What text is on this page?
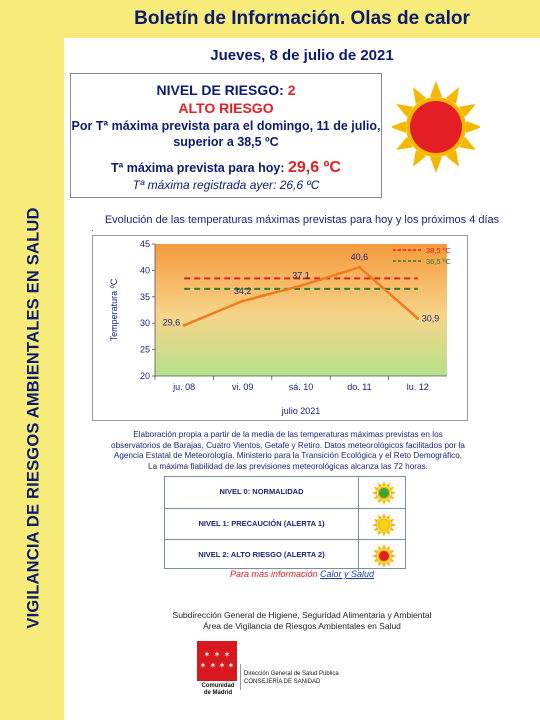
VIGILANCIA DE RIESGOS AMBIENTALES EN SALUD
Boletín de Información. Olas de calor
Jueves, 8 de julio de 2021
NIVEL DE RIESGO: 2
ALTO RIESGO
Por Tª máxima prevista para el domingo, 11 de julio,
superior a 38,5 ºC
Tª máxima prevista para hoy: 29,6 ºC
Tª máxima registrada ayer: 26,6 ºC
·
Evolución de las temperaturas máximas previstas para hoy y los próximos 4 días
20
25
30
35
40
45
ju. 08	vi. 09	sá. 10	do. 11	lu. 12
29,6
34,2
37,1
40,6
30,9
Temperatura ºC
julio 2021
38,5 ºC
36,5 ºC
Elaboración propia a partir de la media de las temperaturas máximas previstas en los observatorios de Barajas, Cuatro Vientos, Getafe y Retiro. Datos meteorológicos facilitados por la Agencia Estatal de Meteorología. Ministerio para la Transición Ecológica y el Reto Demográfico. La máxima fiabilidad de las previsiones meteorológicas alcanza las 72 horas.
NIVEL 0: NORMALIDAD
NIVEL 1: PRECAUCIÓN (ALERTA 1)
NIVEL 2: ALTO RIESGO (ALERTA 2)
Para más información Calor y Salud
Subdirección General de Higiene, Seguridad Alimentaria y Ambiental
Área de Vigilancia de Riesgos Ambientales en Salud
✶ ✶ ✶
✶ ✶ ✶ ✶
Comunidad
de Madrid
Dirección General de Salud Pública
CONSEJERÍA DE SANIDAD
